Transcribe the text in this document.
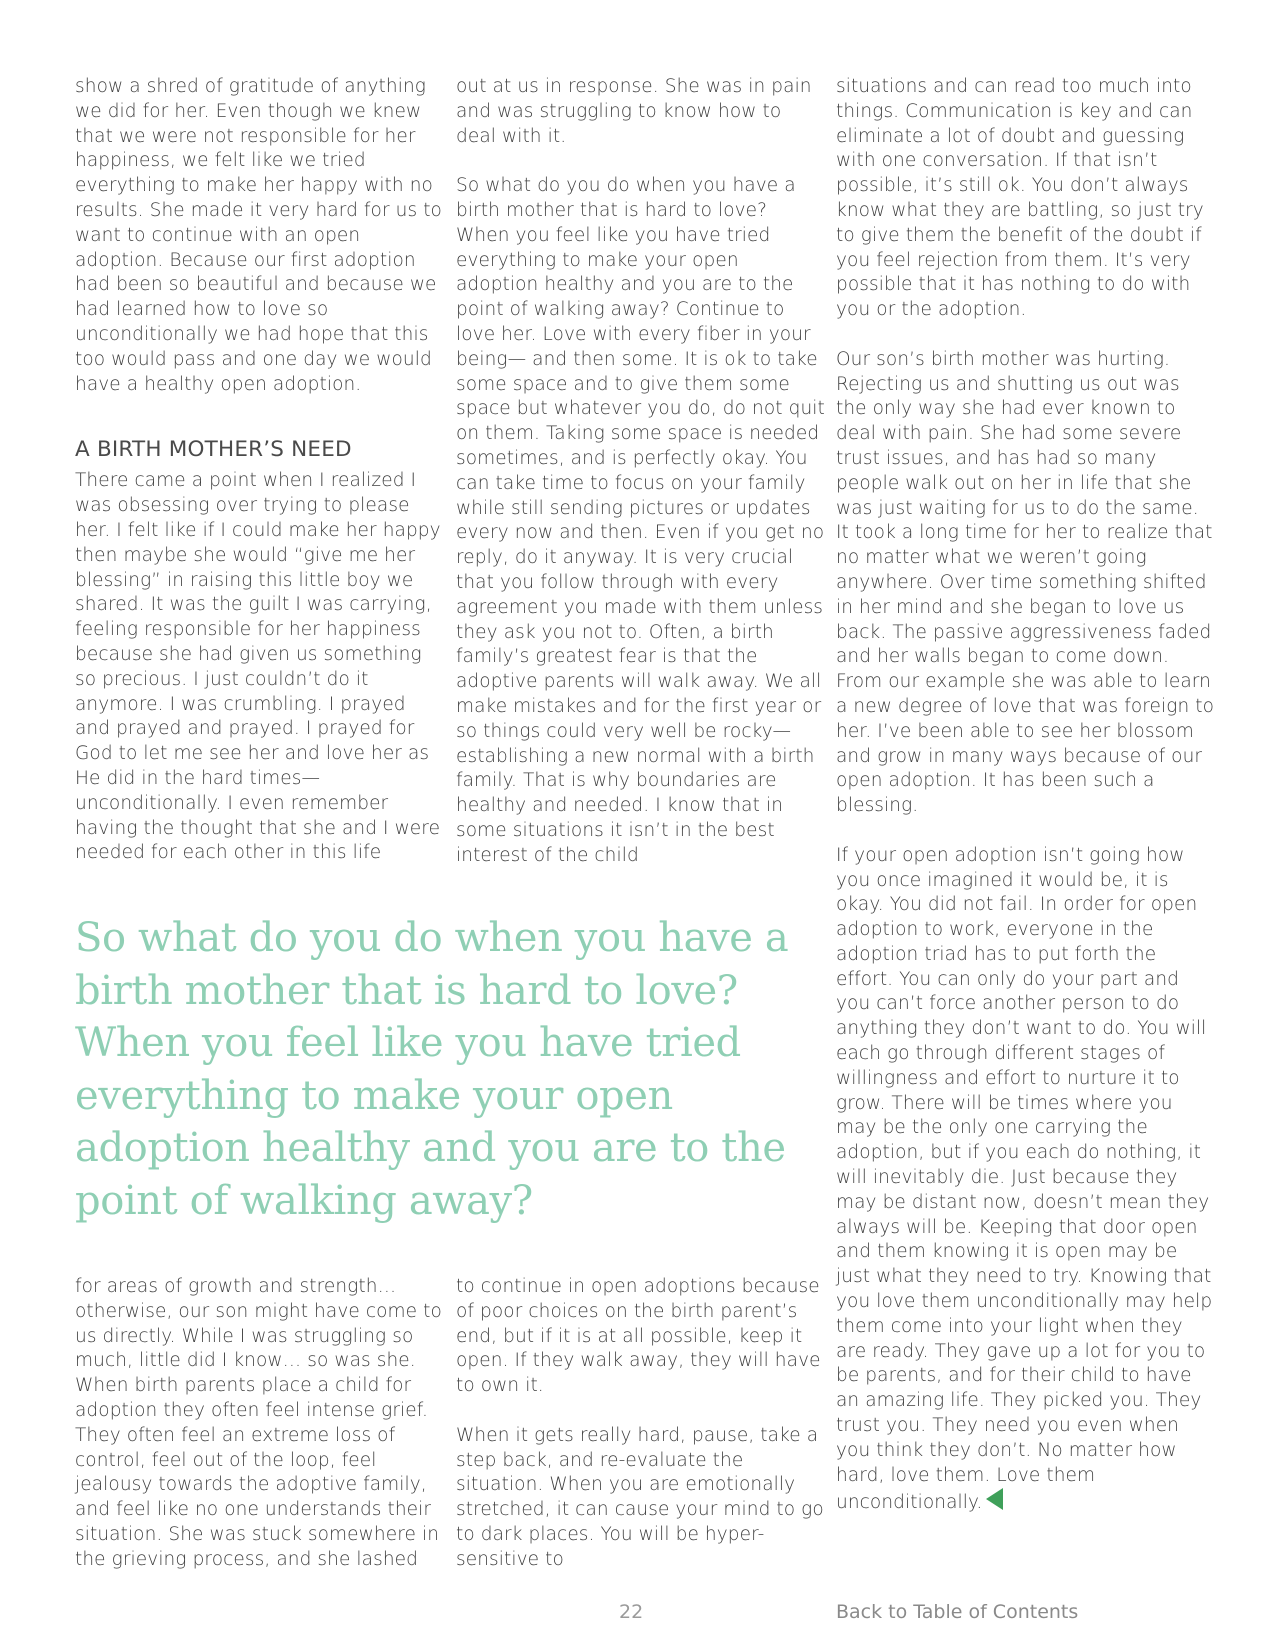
show a shred of gratitude of anything we did for her. Even though we knew that we were not responsible for her happiness, we felt like we tried everything to make her happy with no results. She made it very hard for us to want to continue with an open adoption. Because our first adoption had been so beautiful and because we had learned how to love so unconditionally we had hope that this too would pass and one day we would have a healthy open adoption.

A BIRTH MOTHER’S NEED

There came a point when I realized I was obsessing over trying to please her. I felt like if I could make her happy then maybe she would “give me her blessing” in raising this little boy we shared. It was the guilt I was carrying, feeling responsible for her happiness because she had given us something so precious. I just couldn’t do it anymore. I was crumbling. I prayed and prayed and prayed. I prayed for God to let me see her and love her as He did in the hard times—unconditionally. I even remember having the thought that she and I were needed for each other in this life

out at us in response. She was in pain and was struggling to know how to deal with it.

So what do you do when you have a birth mother that is hard to love? When you feel like you have tried everything to make your open adoption healthy and you are to the point of walking away? Continue to love her. Love with every fiber in your being— and then some. It is ok to take some space and to give them some space but whatever you do, do not quit on them. Taking some space is needed sometimes, and is perfectly okay. You can take time to focus on your family while still sending pictures or updates every now and then. Even if you get no reply, do it anyway. It is very crucial that you follow through with every agreement you made with them unless they ask you not to. Often, a birth family’s greatest fear is that the adoptive parents will walk away. We all make mistakes and for the first year or so things could very well be rocky— establishing a new normal with a birth family. That is why boundaries are healthy and needed. I know that in some situations it isn’t in the best interest of the child

situations and can read too much into things. Communication is key and can eliminate a lot of doubt and guessing with one conversation. If that isn’t possible, it’s still ok. You don’t always know what they are battling, so just try to give them the benefit of the doubt if you feel rejection from them. It’s very possible that it has nothing to do with you or the adoption.

Our son’s birth mother was hurting. Rejecting us and shutting us out was the only way she had ever known to deal with pain. She had some severe trust issues, and has had so many people walk out on her in life that she was just waiting for us to do the same. It took a long time for her to realize that no matter what we weren’t going anywhere. Over time something shifted in her mind and she began to love us back. The passive aggressiveness faded and her walls began to come down. From our example she was able to learn a new degree of love that was foreign to her. I’ve been able to see her blossom and grow in many ways because of our open adoption. It has been such a blessing.

If your open adoption isn’t going how you once imagined it would be, it is okay. You did not fail. In order for open adoption to work, everyone in the adoption triad has to put forth the effort. You can only do your part and you can’t force another person to do anything they don’t want to do. You will each go through different stages of willingness and effort to nurture it to grow. There will be times where you may be the only one carrying the adoption, but if you each do nothing, it will inevitably die. Just because they may be distant now, doesn’t mean they always will be. Keeping that door open and them knowing it is open may be just what they need to try. Knowing that you love them unconditionally may help them come into your light when they are ready. They gave up a lot for you to be parents, and for their child to have an amazing life. They picked you. They trust you. They need you even when you think they don’t. No matter how hard, love them. Love them unconditionally.

So what do you do when you have a birth mother that is hard to love? When you feel like you have tried everything to make your open adoption healthy and you are to the point of walking away?

for areas of growth and strength… otherwise, our son might have come to us directly. While I was struggling so much, little did I know… so was she. When birth parents place a child for adoption they often feel intense grief. They often feel an extreme loss of control, feel out of the loop, feel jealousy towards the adoptive family, and feel like no one understands their situation. She was stuck somewhere in the grieving process, and she lashed

to continue in open adoptions because of poor choices on the birth parent’s end, but if it is at all possible, keep it open. If they walk away, they will have to own it.

When it gets really hard, pause, take a step back, and re-evaluate the situation. When you are emotionally stretched, it can cause your mind to go to dark places. You will be hyper-sensitive to

22	Back to Table of Contents
